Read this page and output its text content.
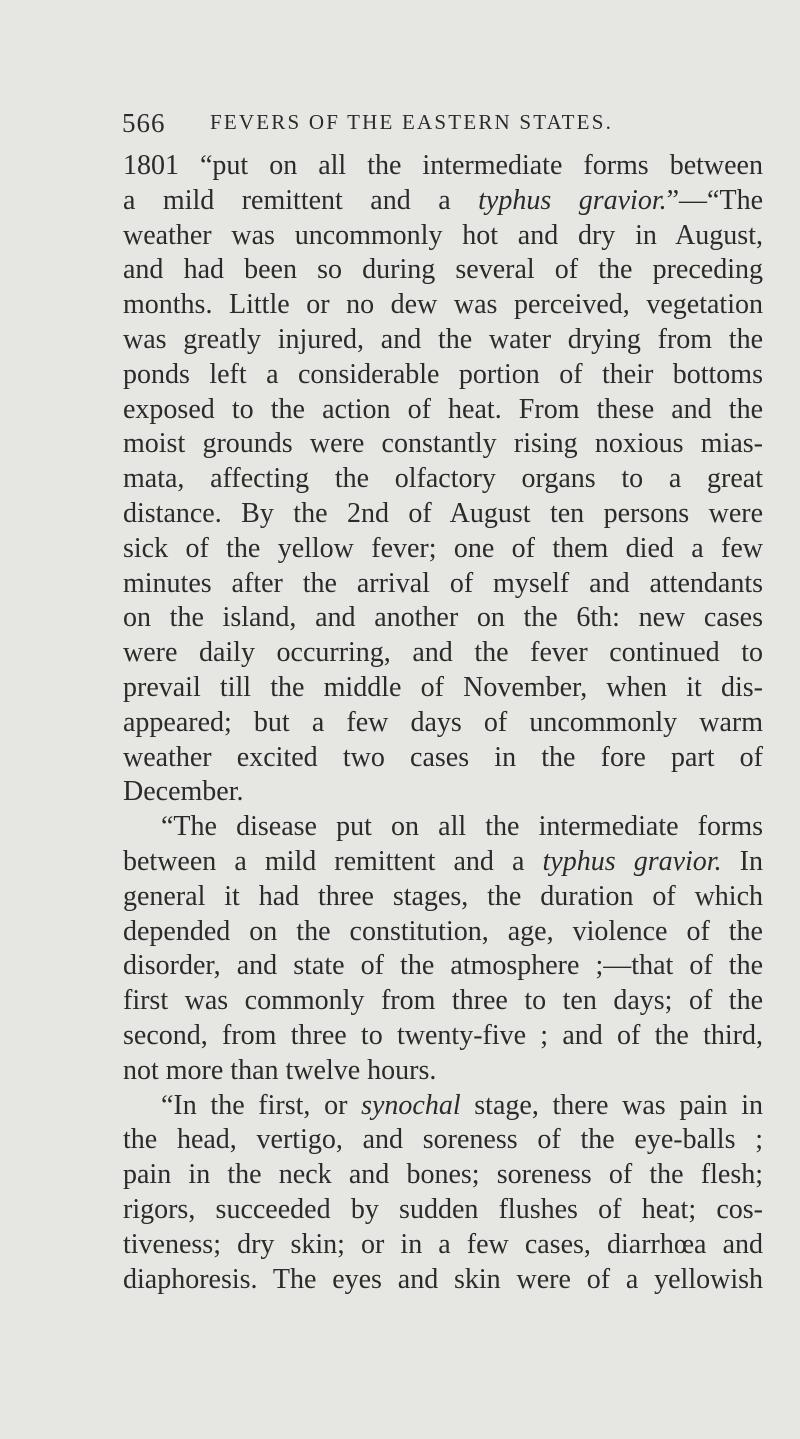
566 FEVERS OF THE EASTERN STATES.
1801 “put on all the intermediate forms between
a mild remittent and a typhus gravior.”—“The
weather was uncommonly hot and dry in August,
and had been so during several of the preceding
months. Little or no dew was perceived, vegetation
was greatly injured, and the water drying from the
ponds left a considerable portion of their bottoms
exposed to the action of heat. From these and the
moist grounds were constantly rising noxious mias-
mata, affecting the olfactory organs to a great
distance. By the 2nd of August ten persons were
sick of the yellow fever; one of them died a few
minutes after the arrival of myself and attendants
on the island, and another on the 6th: new cases
were daily occurring, and the fever continued to
prevail till the middle of November, when it dis-
appeared; but a few days of uncommonly warm
weather excited two cases in the fore part of
December.
“The disease put on all the intermediate forms
between a mild remittent and a typhus gravior. In
general it had three stages, the duration of which
depended on the constitution, age, violence of the
disorder, and state of the atmosphere ;—that of the
first was commonly from three to ten days; of the
second, from three to twenty-five ; and of the third,
not more than twelve hours.
“In the first, or synochal stage, there was pain in
the head, vertigo, and soreness of the eye-balls ;
pain in the neck and bones; soreness of the flesh;
rigors, succeeded by sudden flushes of heat; cos-
tiveness; dry skin; or in a few cases, diarrhœa and
diaphoresis. The eyes and skin were of a yellowish
